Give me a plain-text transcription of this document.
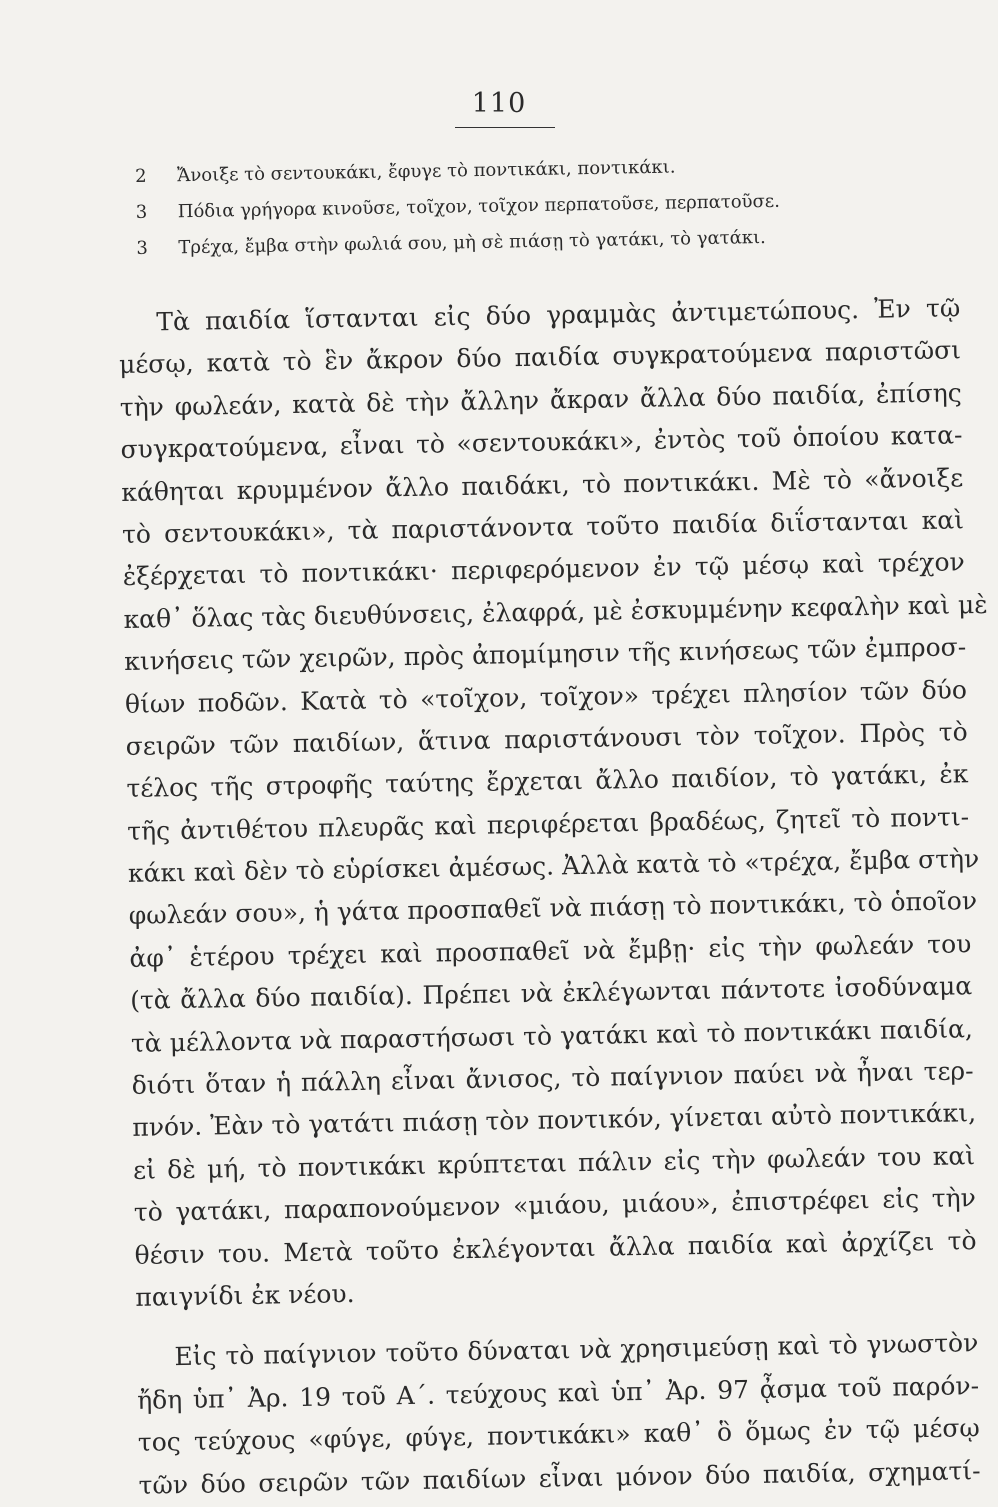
110
2 Ἄνοιξε τὸ σεντουκάκι, ἔφυγε τὸ ποντικάκι, ποντικάκι.
3 Πόδια γρήγορα κινοῦσε, τοῖχον, τοῖχον περπατοῦσε, περπατοῦσε.
3 Τρέχα, ἔμβα στὴν φωλιά σου, μὴ σὲ πιάσῃ τὸ γατάκι, τὸ γατάκι.
Τὰ παιδία ἵστανται εἰς δύο γραμμὰς ἀντιμετώπους. Ἐν τῷ
μέσῳ, κατὰ τὸ ἓν ἄκρον δύο παιδία συγκρατούμενα παριστῶσι
τὴν φωλεάν, κατὰ δὲ τὴν ἄλλην ἄκραν ἄλλα δύο παιδία, ἐπίσης
συγκρατούμενα, εἶναι τὸ «σεντουκάκι», ἐντὸς τοῦ ὁποίου κατα-
κάθηται κρυμμένον ἄλλο παιδάκι, τὸ ποντικάκι. Μὲ τὸ «ἄνοιξε
τὸ σεντουκάκι», τὰ παριστάνοντα τοῦτο παιδία διΐστανται καὶ
ἐξέρχεται τὸ ποντικάκι· περιφερόμενον ἐν τῷ μέσῳ καὶ τρέχον
καθ᾽ ὅλας τὰς διευθύνσεις, ἐλαφρά, μὲ ἐσκυμμένην κεφαλὴν καὶ μὲ
κινήσεις τῶν χειρῶν, πρὸς ἀπομίμησιν τῆς κινήσεως τῶν ἐμπροσ-
θίων ποδῶν. Κατὰ τὸ «τοῖχον, τοῖχον» τρέχει πλησίον τῶν δύο
σειρῶν τῶν παιδίων, ἅτινα παριστάνουσι τὸν τοῖχον. Πρὸς τὸ
τέλος τῆς στροφῆς ταύτης ἔρχεται ἄλλο παιδίον, τὸ γατάκι, ἐκ
τῆς ἀντιθέτου πλευρᾶς καὶ περιφέρεται βραδέως, ζητεῖ τὸ ποντι-
κάκι καὶ δὲν τὸ εὑρίσκει ἀμέσως. Ἀλλὰ κατὰ τὸ «τρέχα, ἔμβα στὴν
φωλεάν σου», ἡ γάτα προσπαθεῖ νὰ πιάσῃ τὸ ποντικάκι, τὸ ὁποῖον
ἀφ᾽ ἑτέρου τρέχει καὶ προσπαθεῖ νὰ ἔμβῃ· εἰς τὴν φωλεάν του
(τὰ ἄλλα δύο παιδία). Πρέπει νὰ ἐκλέγωνται πάντοτε ἰσοδύναμα
τὰ μέλλοντα νὰ παραστήσωσι τὸ γατάκι καὶ τὸ ποντικάκι παιδία,
διότι ὅταν ἡ πάλλη εἶναι ἄνισος, τὸ παίγνιον παύει νὰ ἦναι τερ-
πνόν. Ἐὰν τὸ γατάτι πιάσῃ τὸν ποντικόν, γίνεται αὐτὸ ποντικάκι,
εἰ δὲ μή, τὸ ποντικάκι κρύπτεται πάλιν εἰς τὴν φωλεάν του καὶ
τὸ γατάκι, παραπονούμενον «μιάου, μιάου», ἐπιστρέφει εἰς τὴν
θέσιν του. Μετὰ τοῦτο ἐκλέγονται ἄλλα παιδία καὶ ἀρχίζει τὸ
παιγνίδι ἐκ νέου.
Εἰς τὸ παίγνιον τοῦτο δύναται νὰ χρησιμεύσῃ καὶ τὸ γνωστὸν
ἤδη ὑπ᾽ Ἀρ. 19 τοῦ Α΄. τεύχους καὶ ὑπ᾽ Ἀρ. 97 ᾆσμα τοῦ παρόν-
τος τεύχους «φύγε, φύγε, ποντικάκι» καθ᾽ ὃ ὅμως ἐν τῷ μέσῳ
τῶν δύο σειρῶν τῶν παιδίων εἶναι μόνον δύο παιδία, σχηματί-
